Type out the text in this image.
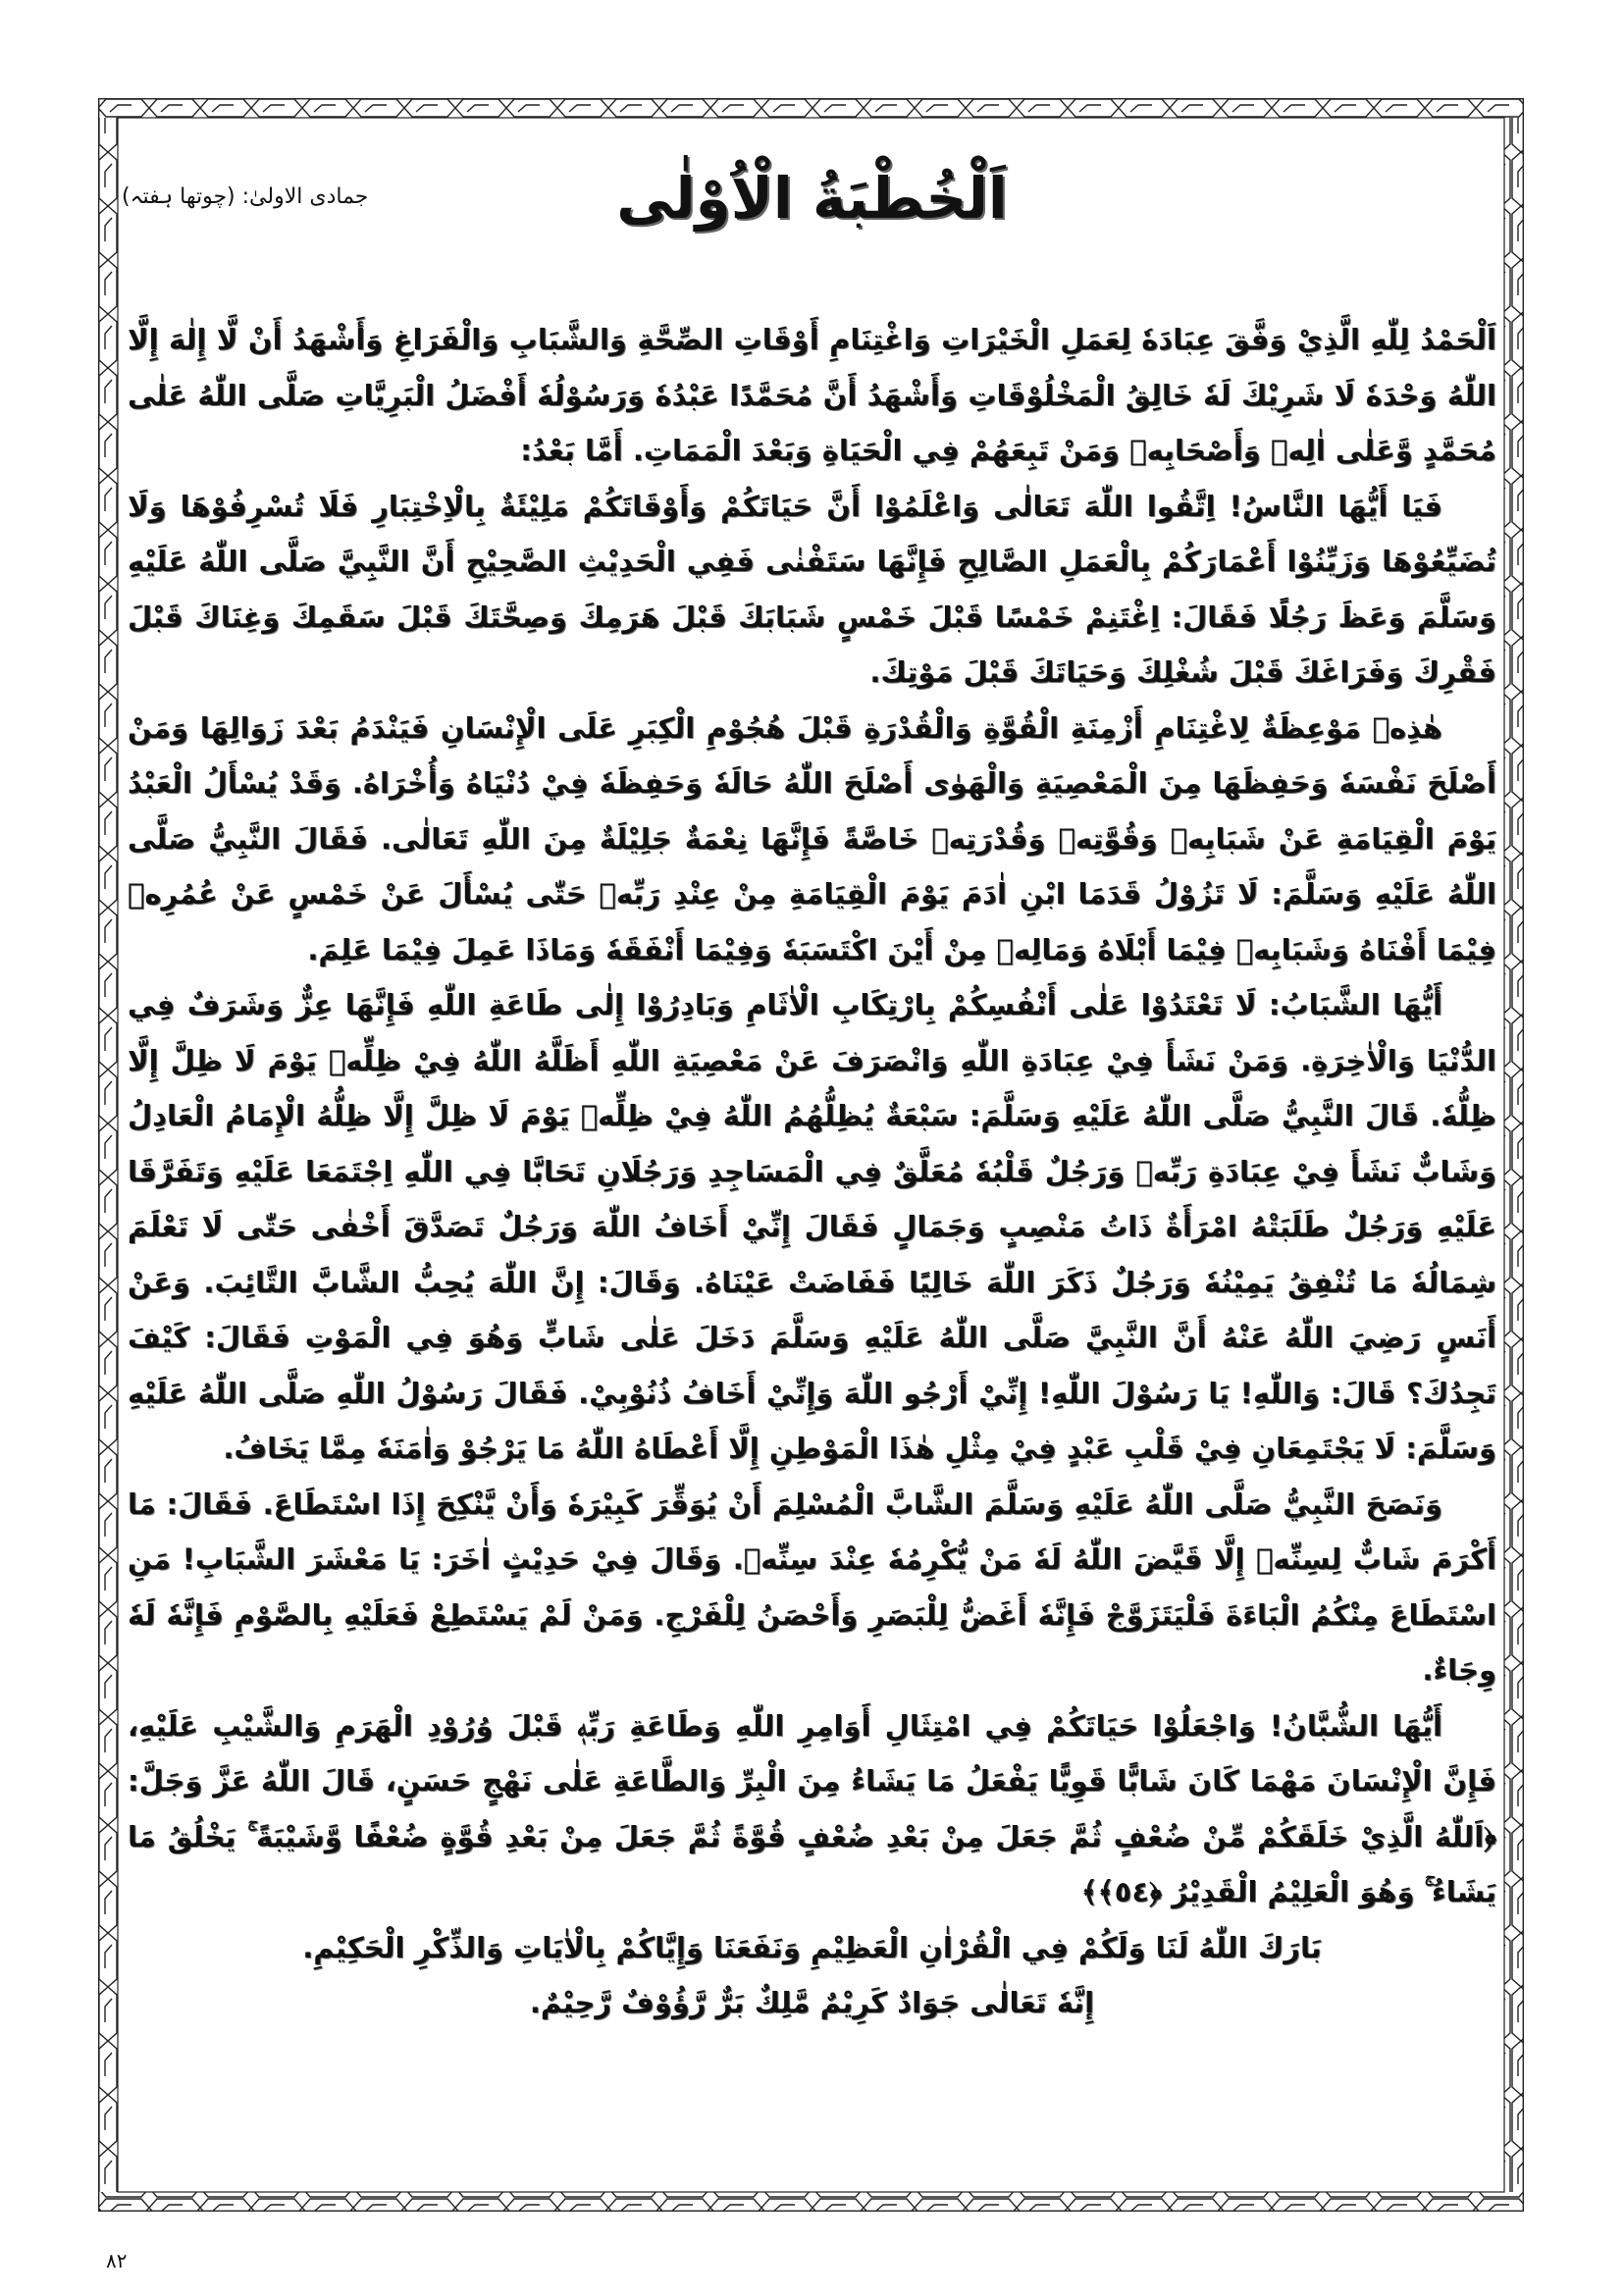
جمادى الاولىٰ: (چوتھا ہفتہ)	اَلْخُطْبَةُ الْاُوْلٰى

اَلْحَمْدُ لِلّٰهِ الَّذِيْ وَفَّقَ عِبَادَهٗ لِعَمَلِ الْخَيْرَاتِ وَاغْتِنَامِ أَوْقَاتِ الصِّحَّةِ وَالشَّبَابِ وَالْفَرَاغِ وَأَشْهَدُ أَنْ لَّا إِلٰهَ إِلَّا اللّٰهُ وَحْدَهٗ لَا شَرِيْكَ لَهٗ خَالِقُ الْمَخْلُوْقَاتِ وَأَشْهَدُ أَنَّ مُحَمَّدًا عَبْدُهٗ وَرَسُوْلُهٗ أَفْضَلُ الْبَرِيَّاتِ صَلَّى اللّٰهُ عَلٰى مُحَمَّدٍ وَّعَلٰى اٰلِهٖ وَأَصْحَابِهٖ وَمَنْ تَبِعَهُمْ فِي الْحَيَاةِ وَبَعْدَ الْمَمَاتِ. أَمَّا بَعْدُ:

فَيَا أَيُّهَا النَّاسُ! اِتَّقُوا اللّٰهَ تَعَالٰى وَاعْلَمُوْا أَنَّ حَيَاتَكُمْ وَأَوْقَاتَكُمْ مَلِيْئَةٌ بِالْاِخْتِبَارِ فَلَا تُسْرِفُوْهَا وَلَا تُضَيِّعُوْهَا وَزَيِّنُوْا أَعْمَارَكُمْ بِالْعَمَلِ الصَّالِحِ فَإِنَّهَا سَتَفْنٰى فَفِي الْحَدِيْثِ الصَّحِيْحِ أَنَّ النَّبِيَّ صَلَّى اللّٰهُ عَلَيْهِ وَسَلَّمَ وَعَظَ رَجُلًا فَقَالَ: اِغْتَنِمْ خَمْسًا قَبْلَ خَمْسٍ شَبَابَكَ قَبْلَ هَرَمِكَ وَصِحَّتَكَ قَبْلَ سَقَمِكَ وَغِنَاكَ قَبْلَ فَقْرِكَ وَفَرَاغَكَ قَبْلَ شُغْلِكَ وَحَيَاتَكَ قَبْلَ مَوْتِكَ.

هٰذِهٖ مَوْعِظَةٌ لِاغْتِنَامِ أَزْمِنَةِ الْقُوَّةِ وَالْقُدْرَةِ قَبْلَ هُجُوْمِ الْكِبَرِ عَلَى الْإِنْسَانِ فَيَنْدَمُ بَعْدَ زَوَالِهَا وَمَنْ أَصْلَحَ نَفْسَهٗ وَحَفِظَهَا مِنَ الْمَعْصِيَةِ وَالْهَوٰى أَصْلَحَ اللّٰهُ حَالَهٗ وَحَفِظَهٗ فِيْ دُنْيَاهُ وَأُخْرَاهُ. وَقَدْ يُسْأَلُ الْعَبْدُ يَوْمَ الْقِيَامَةِ عَنْ شَبَابِهٖ وَقُوَّتِهٖ وَقُدْرَتِهٖ خَاصَّةً فَإِنَّهَا نِعْمَةٌ جَلِيْلَةٌ مِنَ اللّٰهِ تَعَالٰى. فَقَالَ النَّبِيُّ صَلَّى اللّٰهُ عَلَيْهِ وَسَلَّمَ: لَا تَزُوْلُ قَدَمَا ابْنِ اٰدَمَ يَوْمَ الْقِيَامَةِ مِنْ عِنْدِ رَبِّهٖ حَتّٰى يُسْأَلَ عَنْ خَمْسٍ عَنْ عُمُرِهٖ فِيْمَا أَفْنَاهُ وَشَبَابِهٖ فِيْمَا أَبْلَاهُ وَمَالِهٖ مِنْ أَيْنَ اكْتَسَبَهٗ وَفِيْمَا أَنْفَقَهٗ وَمَاذَا عَمِلَ فِيْمَا عَلِمَ.

أَيُّهَا الشَّبَابُ: لَا تَعْتَدُوْا عَلٰى أَنْفُسِكُمْ بِارْتِكَابِ الْاٰثَامِ وَبَادِرُوْا إِلٰى طَاعَةِ اللّٰهِ فَإِنَّهَا عِزٌّ وَشَرَفٌ فِي الدُّنْيَا وَالْاٰخِرَةِ. وَمَنْ نَشَأَ فِيْ عِبَادَةِ اللّٰهِ وَانْصَرَفَ عَنْ مَعْصِيَةِ اللّٰهِ أَظَلَّهُ اللّٰهُ فِيْ ظِلِّهٖ يَوْمَ لَا ظِلَّ إِلَّا ظِلُّهٗ. قَالَ النَّبِيُّ صَلَّى اللّٰهُ عَلَيْهِ وَسَلَّمَ: سَبْعَةٌ يُظِلُّهُمُ اللّٰهُ فِيْ ظِلِّهٖ يَوْمَ لَا ظِلَّ إِلَّا ظِلُّهُ الْإِمَامُ الْعَادِلُ وَشَابٌّ نَشَأَ فِيْ عِبَادَةِ رَبِّهٖ وَرَجُلٌ قَلْبُهٗ مُعَلَّقٌ فِي الْمَسَاجِدِ وَرَجُلَانِ تَحَابَّا فِي اللّٰهِ اِجْتَمَعَا عَلَيْهِ وَتَفَرَّقَا عَلَيْهِ وَرَجُلٌ طَلَبَتْهُ امْرَأَةٌ ذَاتُ مَنْصِبٍ وَجَمَالٍ فَقَالَ إِنِّيْ أَخَافُ اللّٰهَ وَرَجُلٌ تَصَدَّقَ أَخْفٰى حَتّٰى لَا تَعْلَمَ شِمَالُهٗ مَا تُنْفِقُ يَمِيْنُهٗ وَرَجُلٌ ذَكَرَ اللّٰهَ خَالِيًا فَفَاضَتْ عَيْنَاهُ. وَقَالَ: إِنَّ اللّٰهَ يُحِبُّ الشَّابَّ التَّائِبَ. وَعَنْ أَنَسٍ رَضِيَ اللّٰهُ عَنْهُ أَنَّ النَّبِيَّ صَلَّى اللّٰهُ عَلَيْهِ وَسَلَّمَ دَخَلَ عَلٰى شَابٍّ وَهُوَ فِي الْمَوْتِ فَقَالَ: كَيْفَ تَجِدُكَ؟ قَالَ: وَاللّٰهِ! يَا رَسُوْلَ اللّٰهِ! إِنِّيْ أَرْجُو اللّٰهَ وَإِنِّيْ أَخَافُ ذُنُوْبِيْ. فَقَالَ رَسُوْلُ اللّٰهِ صَلَّى اللّٰهُ عَلَيْهِ وَسَلَّمَ: لَا يَجْتَمِعَانِ فِيْ قَلْبِ عَبْدٍ فِيْ مِثْلِ هٰذَا الْمَوْطِنِ إِلَّا أَعْطَاهُ اللّٰهُ مَا يَرْجُوْ وَاٰمَنَهٗ مِمَّا يَخَافُ.

وَنَصَحَ النَّبِيُّ صَلَّى اللّٰهُ عَلَيْهِ وَسَلَّمَ الشَّابَّ الْمُسْلِمَ أَنْ يُوَقِّرَ كَبِيْرَهٗ وَأَنْ يَّنْكِحَ إِذَا اسْتَطَاعَ. فَقَالَ: مَا أَكْرَمَ شَابٌّ لِسِنِّهٖ إِلَّا قَيَّضَ اللّٰهُ لَهٗ مَنْ يُّكْرِمُهٗ عِنْدَ سِنِّهٖ. وَقَالَ فِيْ حَدِيْثٍ اٰخَرَ: يَا مَعْشَرَ الشَّبَابِ! مَنِ اسْتَطَاعَ مِنْكُمُ الْبَاءَةَ فَلْيَتَزَوَّجْ فَإِنَّهٗ أَغَضُّ لِلْبَصَرِ وَأَحْصَنُ لِلْفَرْجِ. وَمَنْ لَمْ يَسْتَطِعْ فَعَلَيْهِ بِالصَّوْمِ فَإِنَّهٗ لَهٗ وِجَاءٌ.

أَيُّهَا الشُّبَّانُ! وَاجْعَلُوْا حَيَاتَكُمْ فِي امْتِثَالِ أَوَامِرِ اللّٰهِ وَطَاعَةِ رَبِّهٖ قَبْلَ وُرُوْدِ الْهَرَمِ وَالشَّيْبِ عَلَيْهِ، فَإِنَّ الْإِنْسَانَ مَهْمَا كَانَ شَابًّا قَوِيًّا يَفْعَلُ مَا يَشَاءُ مِنَ الْبِرِّ وَالطَّاعَةِ عَلٰى نَهْجٍ حَسَنٍ، قَالَ اللّٰهُ عَزَّ وَجَلَّ: ﴿اَللّٰهُ الَّذِيْ خَلَقَكُمْ مِّنْ ضُعْفٍ ثُمَّ جَعَلَ مِنْ بَعْدِ ضُعْفٍ قُوَّةً ثُمَّ جَعَلَ مِنْ بَعْدِ قُوَّةٍ ضُعْفًا وَّشَيْبَةً ۚ يَخْلُقُ مَا يَشَاءُ ۚ وَهُوَ الْعَلِيْمُ الْقَدِيْرُ ﴿٥٤﴾﴾

بَارَكَ اللّٰهُ لَنَا وَلَكُمْ فِي الْقُرْاٰنِ الْعَظِيْمِ وَنَفَعَنَا وَإِيَّاكُمْ بِالْاٰيَاتِ وَالذِّكْرِ الْحَكِيْمِ.

إِنَّهٗ تَعَالٰى جَوَادٌ كَرِيْمٌ مَّلِكٌ بَرٌّ رَّؤُوْفٌ رَّحِيْمٌ.

۸۲
